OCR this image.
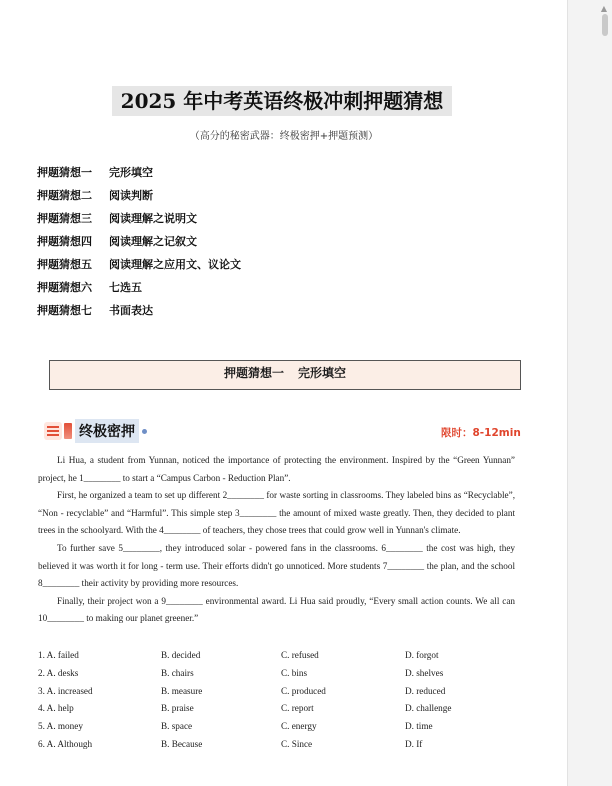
2025 年中考英语终极冲刺押题猜想
（高分的秘密武器：终极密押+押题预测）
押题猜想一 完形填空
押题猜想二 阅读判断
押题猜想三 阅读理解之说明文
押题猜想四 阅读理解之记叙文
押题猜想五 阅读理解之应用文、议论文
押题猜想六 七选五
押题猜想七 书面表达
押题猜想一 完形填空
终极密押	限时：8-12min

Li Hua, a student from Yunnan, noticed the importance of protecting the environment. Inspired by the “Green Yunnan” project, he 1________ to start a “Campus Carbon - Reduction Plan”.

First, he organized a team to set up different 2________ for waste sorting in classrooms. They labeled bins as “Recyclable”, “Non - recyclable” and “Harmful”. This simple step 3________ the amount of mixed waste greatly. Then, they decided to plant trees in the schoolyard. With the 4________ of teachers, they chose trees that could grow well in Yunnan's climate.

To further save 5________, they introduced solar - powered fans in the classrooms. 6________ the cost was high, they believed it was worth it for long - term use. Their efforts didn't go unnoticed. More students 7________ the plan, and the school 8________ their activity by providing more resources.

Finally, their project won a 9________ environmental award. Li Hua said proudly, “Every small action counts. We all can 10________ to making our planet greener.”

1. A. failed	B. decided	C. refused	D. forgot
2. A. desks	B. chairs	C. bins	D. shelves
3. A. increased	B. measure	C. produced	D. reduced
4. A. help	B. praise	C. report	D. challenge
5. A. money	B. space	C. energy	D. time
6. A. Although	B. Because	C. Since	D. If
▲
